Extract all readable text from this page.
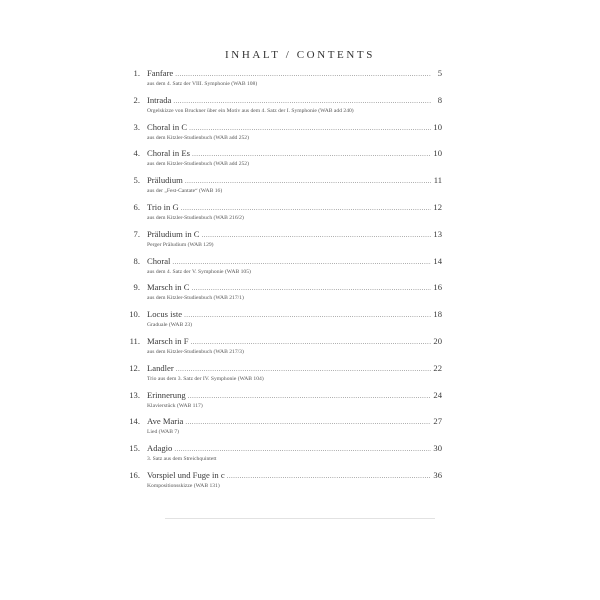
INHALT / CONTENTS
1. Fanfare .....	5
aus dem 4. Satz der VIII. Symphonie (WAB 108)
2. Intrada .....	8
Orgelskizze von Bruckner über ein Motiv aus dem 4. Satz der I. Symphonie (WAB add 240)
3. Choral in C .....	10
aus dem Kitzler-Studienbuch (WAB add 252)
4. Choral in Es .....	10
aus dem Kitzler-Studienbuch (WAB add 252)
5. Präludium .....	11
aus der „Fest-Cantate“ (WAB 16)
6. Trio in G .....	12
aus dem Kitzler-Studienbuch (WAB 216/2)
7. Präludium in C .....	13
Perger Präludium (WAB 129)
8. Choral .....	14
aus dem 4. Satz der V. Symphonie (WAB 105)
9. Marsch in C .....	16
aus dem Kitzler-Studienbuch (WAB 217/1)
10. Locus iste .....	18
Graduale (WAB 23)
11. Marsch in F .....	20
aus dem Kitzler-Studienbuch (WAB 217/3)
12. Landler .....	22
Trio aus dem 3. Satz der IV. Symphonie (WAB 104)
13. Erinnerung .....	24
Klavierstück (WAB 117)
14. Ave Maria .....	27
Lied (WAB 7)
15. Adagio .....	30
3. Satz aus dem Streichquintett
16. Vorspiel und Fuge in c .....	36
Kompositionsskizze (WAB 131)
